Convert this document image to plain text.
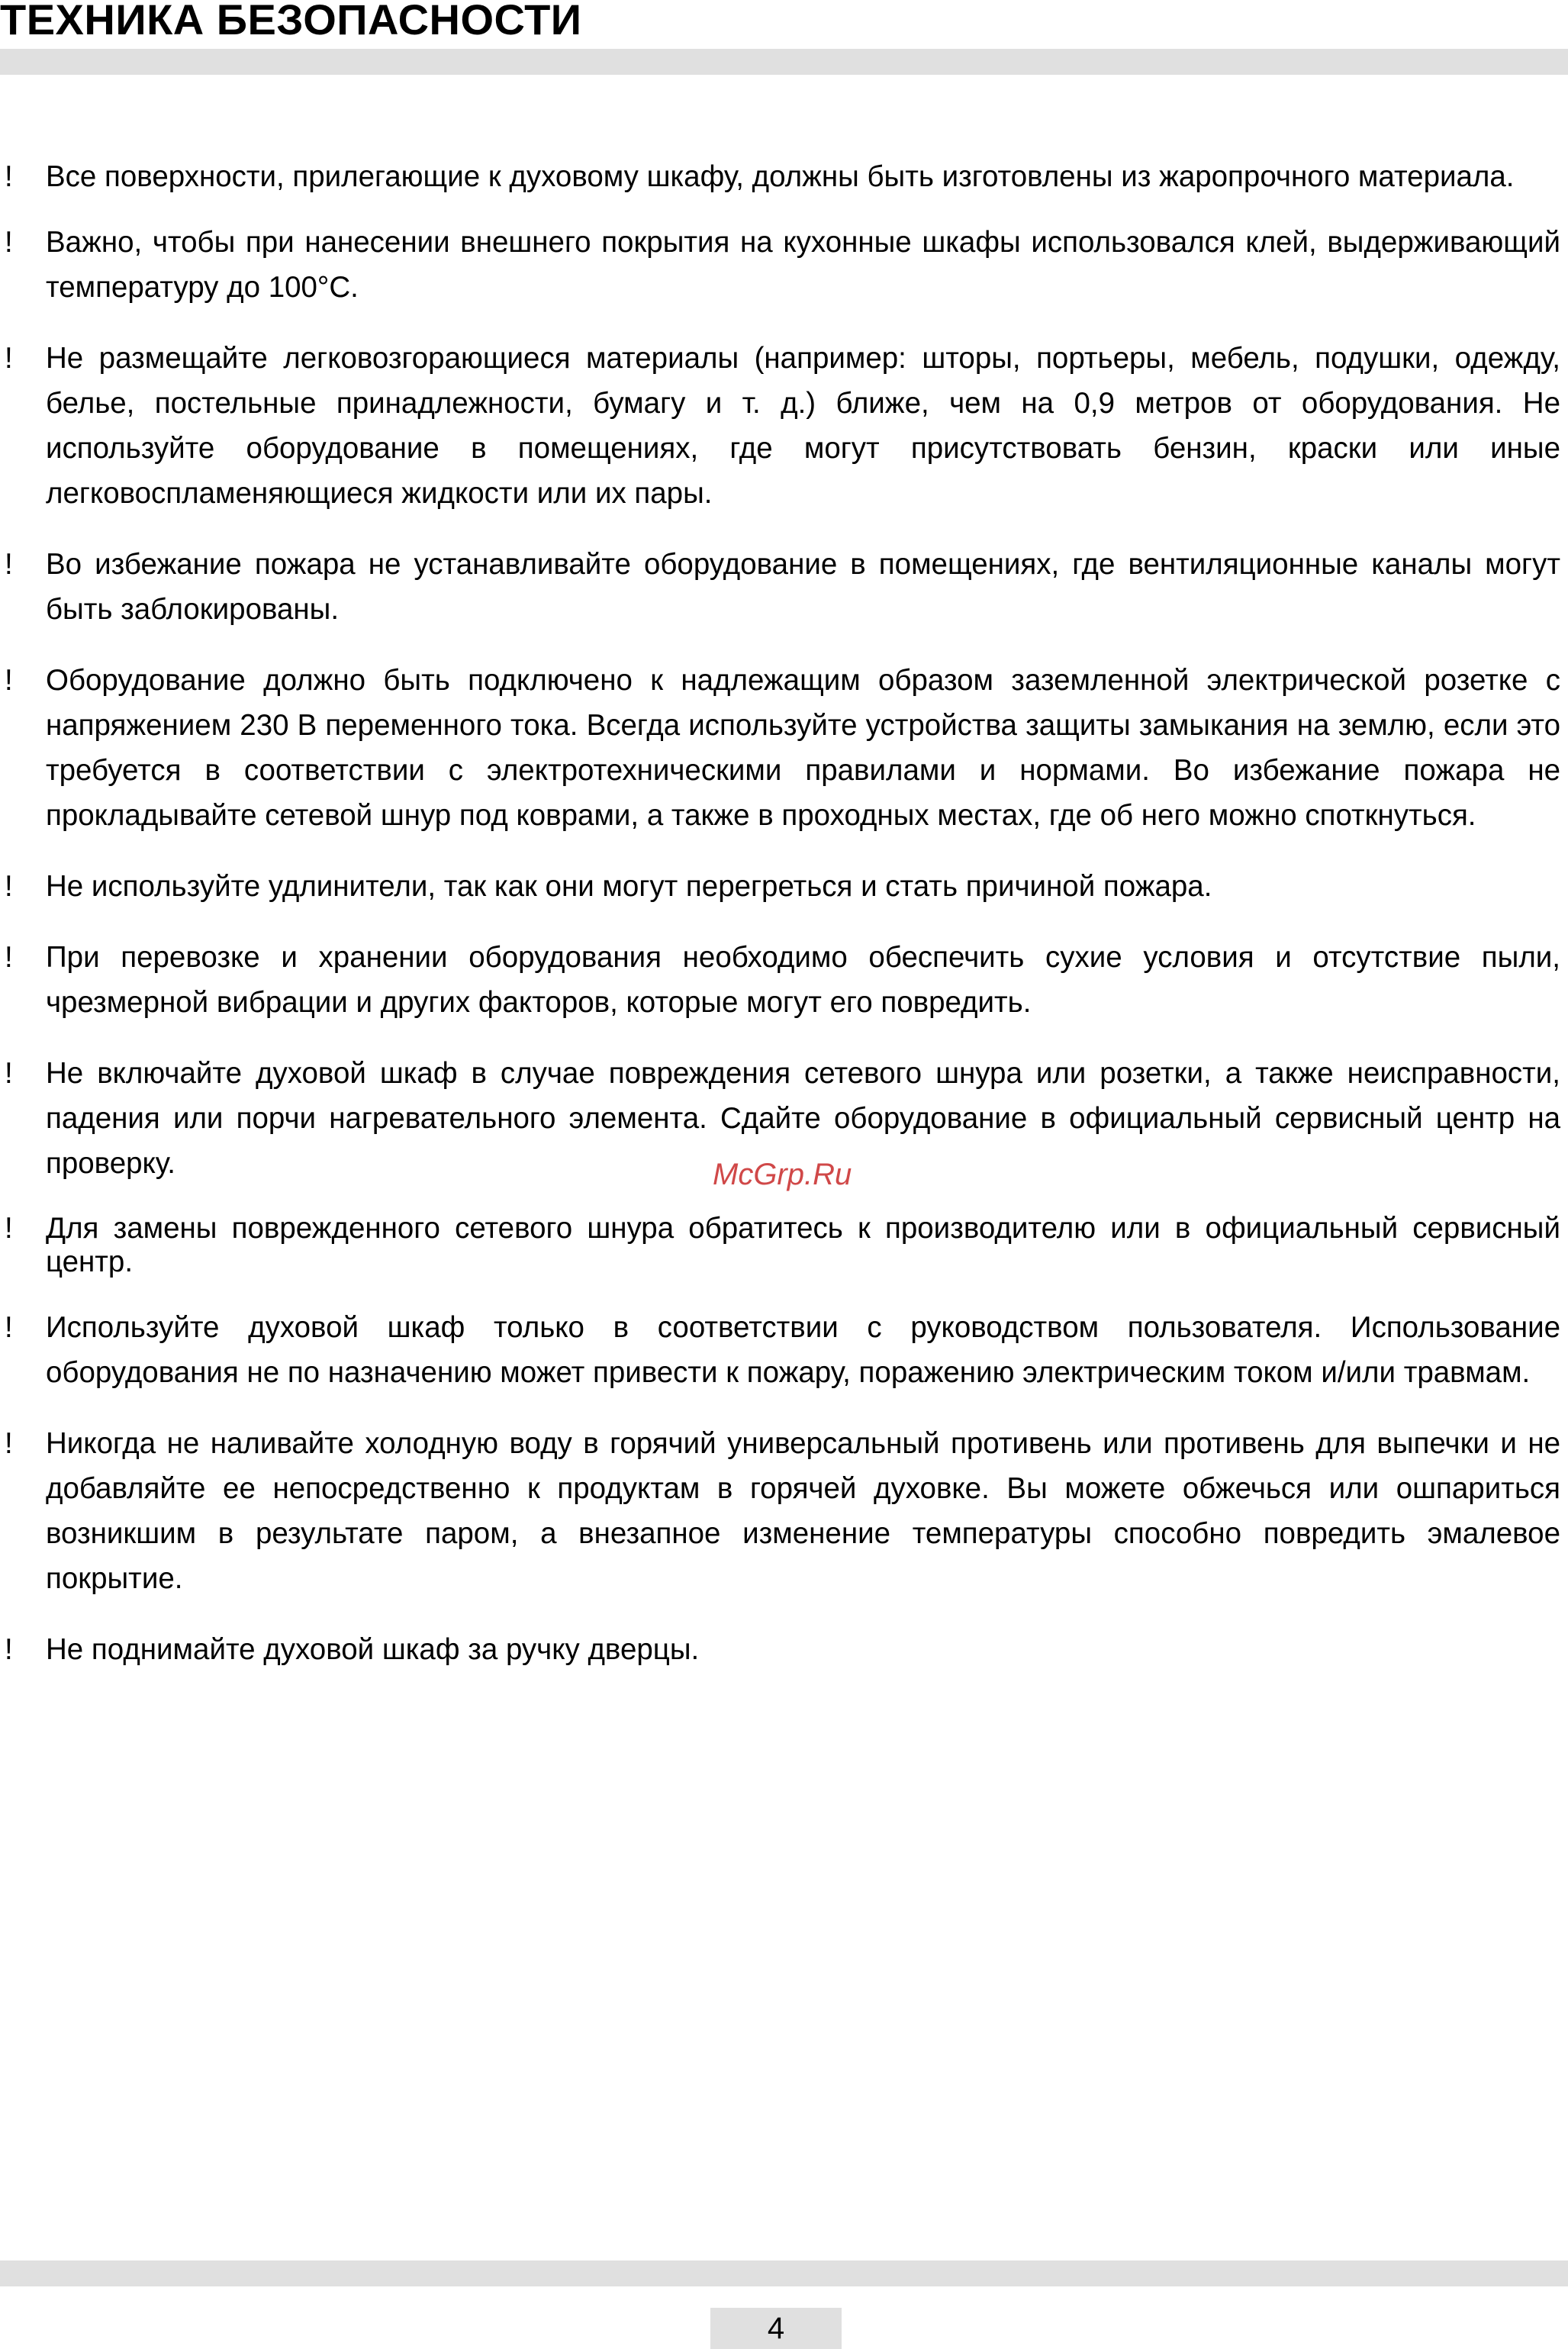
ТЕХНИКА БЕЗОПАСНОСТИ
! Все поверхности, прилегающие к духовому шкафу, должны быть изготовлены из жаропрочного материала.
! Важно, чтобы при нанесении внешнего покрытия на кухонные шкафы использовался клей, выдерживающий температуру до 100°С.
! Не размещайте легковозгорающиеся материалы (например: шторы, портьеры, мебель, подушки, одежду, белье, постельные принадлежности, бумагу и т. д.) ближе, чем на 0,9 метров от оборудования. Не используйте оборудование в помещениях, где могут присутствовать бензин, краски или иные легковоспламеняющиеся жидкости или их пары.
! Во избежание пожара не устанавливайте оборудование в помещениях, где вентиляционные каналы могут быть заблокированы.
! Оборудование должно быть подключено к надлежащим образом заземленной электрической розетке с напряжением 230 В переменного тока. Всегда используйте устройства защиты замыкания на землю, если это требуется в соответствии с электротехническими правилами и нормами. Во избежание пожара не прокладывайте сетевой шнур под коврами, а также в проходных местах, где об него можно споткнуться.
! Не используйте удлинители, так как они могут перегреться и стать причиной пожара.
! При перевозке и хранении оборудования необходимо обеспечить сухие условия и отсутствие пыли, чрезмерной вибрации и других факторов, которые могут его повредить.
! Не включайте духовой шкаф в случае повреждения сетевого шнура или розетки, а также неисправности, падения или порчи нагревательного элемента. Сдайте оборудование в официальный сервисный центр на проверку.
! Для замены поврежденного сетевого шнура обратитесь к производителю или в официальный сервисный центр.
! Используйте духовой шкаф только в соответствии с руководством пользователя. Использование оборудования не по назначению может привести к пожару, поражению электрическим током и/или травмам.
! Никогда не наливайте холодную воду в горячий универсальный противень или противень для выпечки и не добавляйте ее непосредственно к продуктам в горячей духовке. Вы можете обжечься или ошпариться возникшим в результате паром, а внезапное изменение температуры способно повредить эмалевое покрытие.
! Не поднимайте духовой шкаф за ручку дверцы.
McGrp.Ru
4
